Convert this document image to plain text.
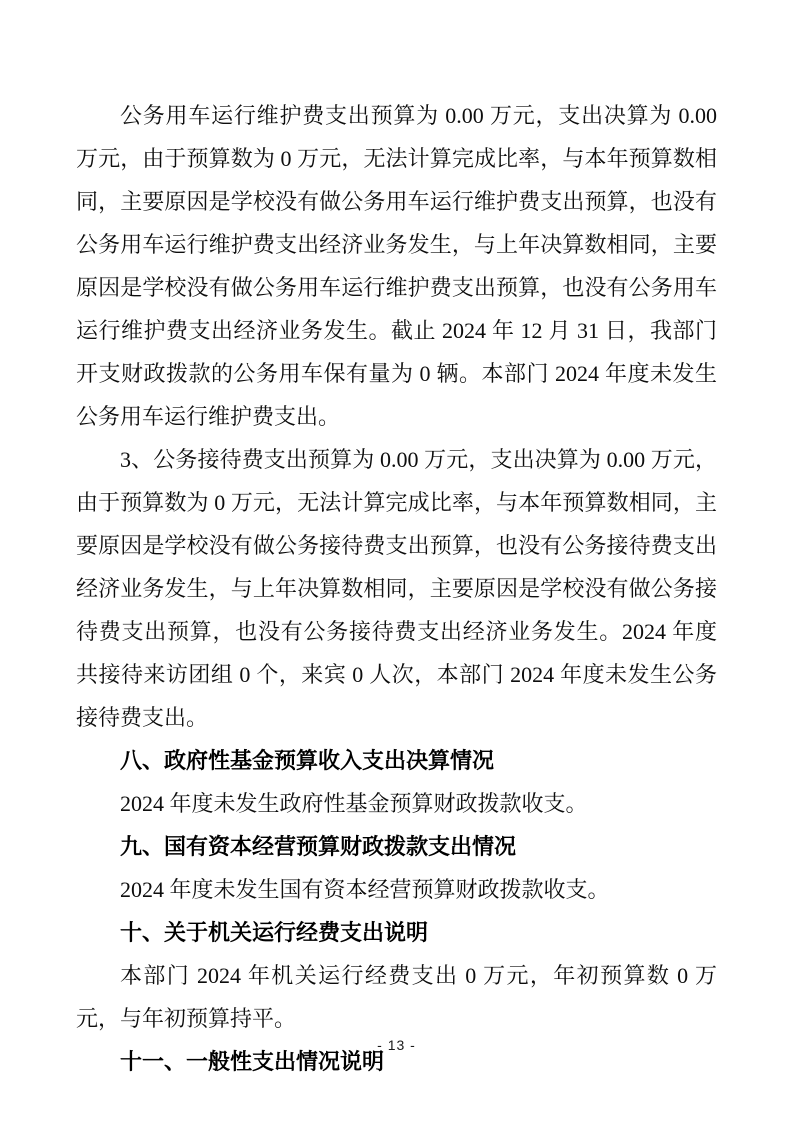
公务用车运行维护费支出预算为 0.00 万元，支出决算为 0.00 万元，由于预算数为 0 万元，无法计算完成比率，与本年预算数相同，主要原因是学校没有做公务用车运行维护费支出预算，也没有公务用车运行维护费支出经济业务发生，与上年决算数相同，主要原因是学校没有做公务用车运行维护费支出预算，也没有公务用车运行维护费支出经济业务发生。截止 2024 年 12 月 31 日，我部门开支财政拨款的公务用车保有量为 0 辆。本部门 2024 年度未发生公务用车运行维护费支出。

3、公务接待费支出预算为 0.00 万元，支出决算为 0.00 万元，由于预算数为 0 万元，无法计算完成比率，与本年预算数相同，主要原因是学校没有做公务接待费支出预算，也没有公务接待费支出经济业务发生，与上年决算数相同，主要原因是学校没有做公务接待费支出预算，也没有公务接待费支出经济业务发生。2024 年度共接待来访团组 0 个，来宾 0 人次，本部门 2024 年度未发生公务接待费支出。

八、政府性基金预算收入支出决算情况

2024 年度未发生政府性基金预算财政拨款收支。

九、国有资本经营预算财政拨款支出情况

2024 年度未发生国有资本经营预算财政拨款收支。

十、关于机关运行经费支出说明

本部门 2024 年机关运行经费支出 0 万元，年初预算数 0 万元，与年初预算持平。

十一、一般性支出情况说明
- 13 -
